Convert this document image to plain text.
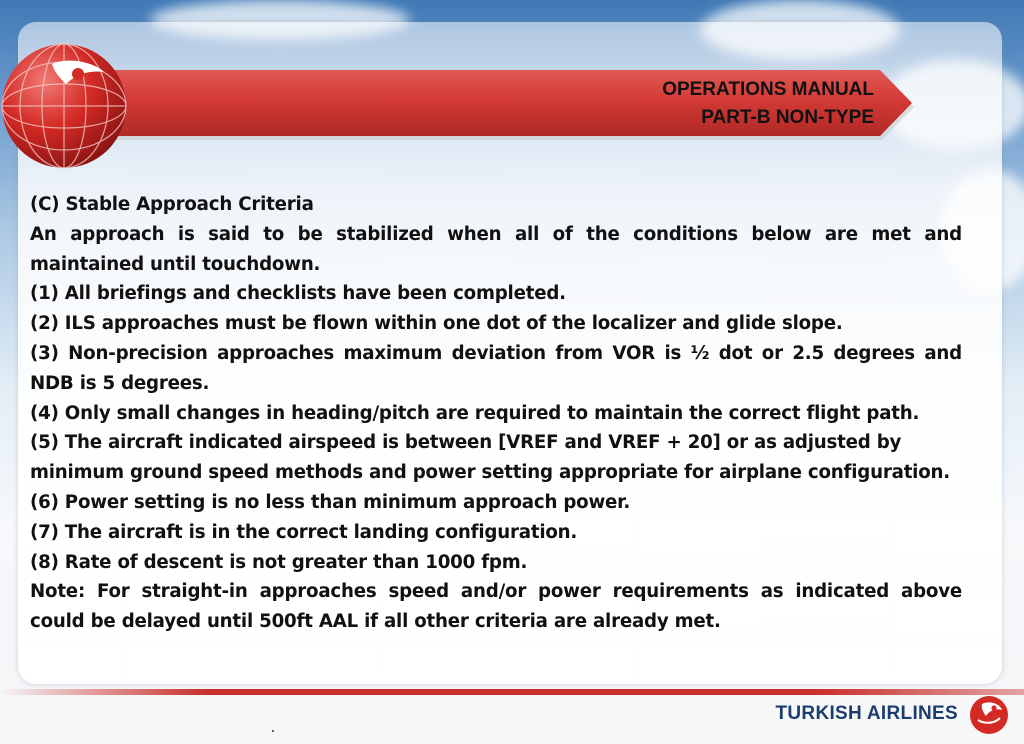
OPERATIONS MANUAL
PART-B NON-TYPE

(C) Stable Approach Criteria

An approach is said to be stabilized when all of the conditions below are met and maintained until touchdown.

(1) All briefings and checklists have been completed.

(2) ILS approaches must be flown within one dot of the localizer and glide slope.

(3) Non-precision approaches maximum deviation from VOR is ½ dot or 2.5 degrees and NDB is 5 degrees.

(4) Only small changes in heading/pitch are required to maintain the correct flight path.

(5) The aircraft indicated airspeed is between [VREF and VREF + 20] or as adjusted by

minimum ground speed methods and power setting appropriate for airplane configuration.

(6) Power setting is no less than minimum approach power.

(7) The aircraft is in the correct landing configuration.

(8) Rate of descent is not greater than 1000 fpm.

Note: For straight-in approaches speed and/or power requirements as indicated above could be delayed until 500ft AAL if all other criteria are already met.

TURKISH AIRLINES
